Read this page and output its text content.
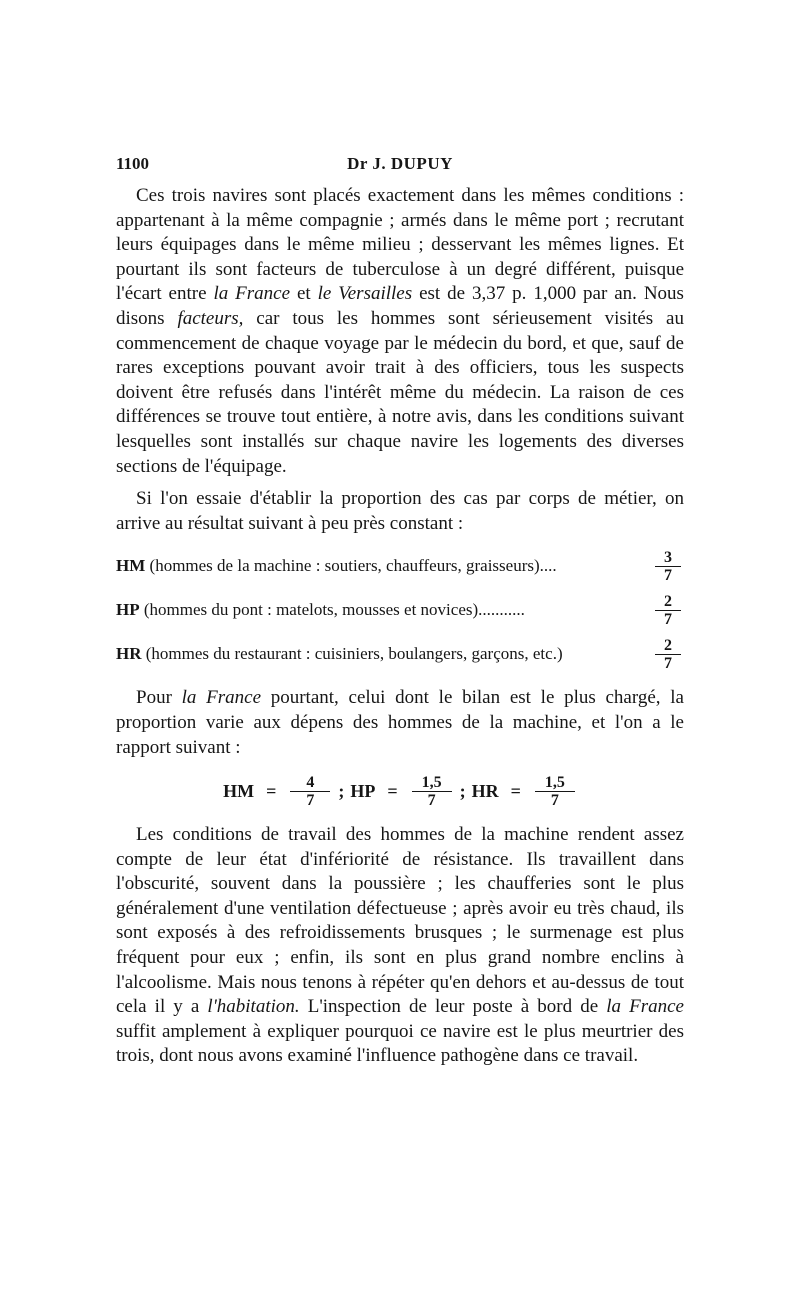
1100	Dr J. DUPUY

Ces trois navires sont placés exactement dans les mêmes conditions : appartenant à la même compagnie ; armés dans le même port ; recrutant leurs équipages dans le même milieu ; desservant les mêmes lignes. Et pourtant ils sont facteurs de tuberculose à un degré différent, puisque l'écart entre la France et le Versailles est de 3,37 p. 1,000 par an. Nous disons facteurs, car tous les hommes sont sérieusement visités au commencement de chaque voyage par le médecin du bord, et que, sauf de rares exceptions pouvant avoir trait à des officiers, tous les suspects doivent être refusés dans l'intérêt même du médecin. La raison de ces différences se trouve tout entière, à notre avis, dans les conditions suivant lesquelles sont installés sur chaque navire les logements des diverses sections de l'équipage.

Si l'on essaie d'établir la proportion des cas par corps de métier, on arrive au résultat suivant à peu près constant :

HM (hommes de la machine : soutiers, chauffeurs, graisseurs)....	$\frac{3}{7}$
HP (hommes du pont : matelots, mousses et novices)...........	$\frac{2}{7}$
HR (hommes du restaurant : cuisiniers, boulangers, garçons, etc.)	$\frac{2}{7}$

Pour la France pourtant, celui dont le bilan est le plus chargé, la proportion varie aux dépens des hommes de la machine, et l'on a le rapport suivant :

HM = $\frac{4}{7}$ ; HP = $\frac{1,5}{7}$ ; HR = $\frac{1,5}{7}$

Les conditions de travail des hommes de la machine rendent assez compte de leur état d'infériorité de résistance. Ils travaillent dans l'obscurité, souvent dans la poussière ; les chaufferies sont le plus généralement d'une ventilation défectueuse ; après avoir eu très chaud, ils sont exposés à des refroidissements brusques ; le surmenage est plus fréquent pour eux ; enfin, ils sont en plus grand nombre enclins à l'alcoolisme. Mais nous tenons à répéter qu'en dehors et au-dessus de tout cela il y a l'habitation. L'inspection de leur poste à bord de la France suffit amplement à expliquer pourquoi ce navire est le plus meurtrier des trois, dont nous avons examiné l'influence pathogène dans ce travail.
